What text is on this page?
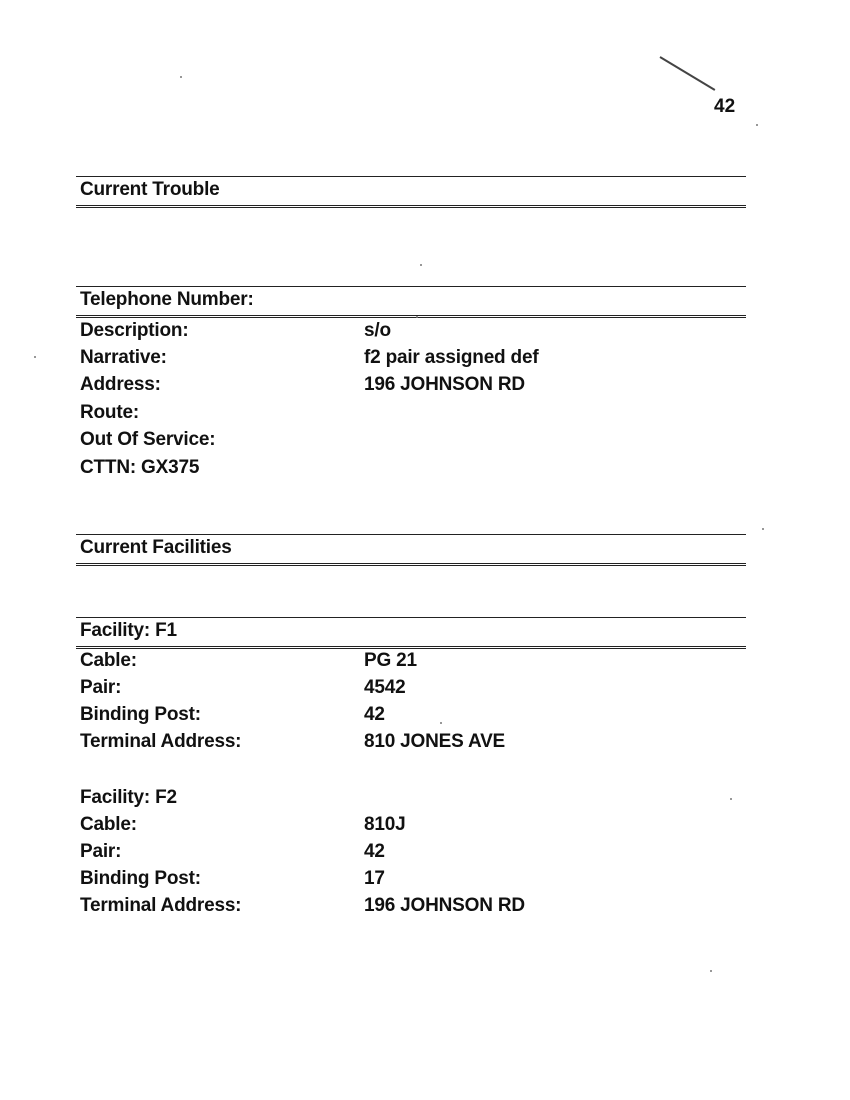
42
Current Trouble
Telephone Number:
Description:	s/o
Narrative:	f2 pair assigned def
Address:	196 JOHNSON RD
Route:
Out Of Service:
CTTN: GX375
Current Facilities
Facility: F1
Cable:	PG 21
Pair:	4542
Binding Post:	42
Terminal Address:	810 JONES AVE
Facility: F2
Cable:	810J
Pair:	42
Binding Post:	17
Terminal Address:	196 JOHNSON RD
